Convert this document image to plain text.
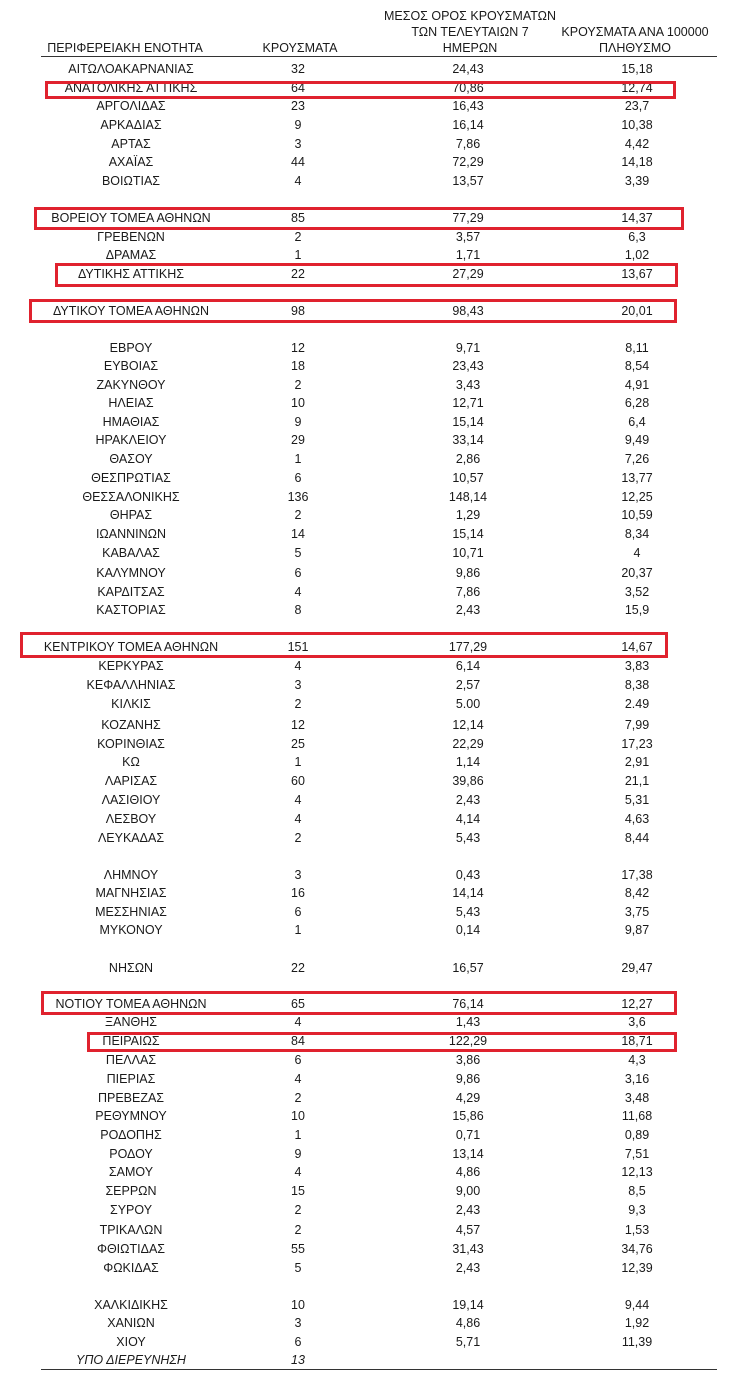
ΜΕΣΟΣ ΟΡΟΣ ΚΡΟΥΣΜΑΤΩΝ
ΤΩΝ ΤΕΛΕΥΤΑΙΩΝ 7
ΗΜΕΡΩΝ
ΚΡΟΥΣΜΑΤΑ ΑΝΑ 100000
ΠΛΗΘΥΣΜΟ
ΠΕΡΙΦΕΡΕΙΑΚΗ ΕΝΟΤΗΤΑ	ΚΡΟΥΣΜΑΤΑ
ΑΙΤΩΛΟΑΚΑΡΝΑΝΙΑΣ	32	24,43	15,18
ΑΝΑΤΟΛΙΚΗΣ ΑΤΤΙΚΗΣ	64	70,86	12,74
ΑΡΓΟΛΙΔΑΣ	23	16,43	23,7
ΑΡΚΑΔΙΑΣ	9	16,14	10,38
ΑΡΤΑΣ	3	7,86	4,42
ΑΧΑΪΑΣ	44	72,29	14,18
ΒΟΙΩΤΙΑΣ	4	13,57	3,39
ΒΟΡΕΙΟΥ ΤΟΜΕΑ ΑΘΗΝΩΝ	85	77,29	14,37
ΓΡΕΒΕΝΩΝ	2	3,57	6,3
ΔΡΑΜΑΣ	1	1,71	1,02
ΔΥΤΙΚΗΣ ΑΤΤΙΚΗΣ	22	27,29	13,67
ΔΥΤΙΚΟΥ ΤΟΜΕΑ ΑΘΗΝΩΝ	98	98,43	20,01
ΕΒΡΟΥ	12	9,71	8,11
ΕΥΒΟΙΑΣ	18	23,43	8,54
ΖΑΚΥΝΘΟΥ	2	3,43	4,91
ΗΛΕΙΑΣ	10	12,71	6,28
ΗΜΑΘΙΑΣ	9	15,14	6,4
ΗΡΑΚΛΕΙΟΥ	29	33,14	9,49
ΘΑΣΟΥ	1	2,86	7,26
ΘΕΣΠΡΩΤΙΑΣ	6	10,57	13,77
ΘΕΣΣΑΛΟΝΙΚΗΣ	136	148,14	12,25
ΘΗΡΑΣ	2	1,29	10,59
ΙΩΑΝΝΙΝΩΝ	14	15,14	8,34
ΚΑΒΑΛΑΣ	5	10,71	4
ΚΑΛΥΜΝΟΥ	6	9,86	20,37
ΚΑΡΔΙΤΣΑΣ	4	7,86	3,52
ΚΑΣΤΟΡΙΑΣ	8	2,43	15,9
ΚΕΝΤΡΙΚΟΥ ΤΟΜΕΑ ΑΘΗΝΩΝ	151	177,29	14,67
ΚΕΡΚΥΡΑΣ	4	6,14	3,83
ΚΕΦΑΛΛΗΝΙΑΣ	3	2,57	8,38
ΚΙΛΚΙΣ	2	5.00	2.49
ΚΟΖΑΝΗΣ	12	12,14	7,99
ΚΟΡΙΝΘΙΑΣ	25	22,29	17,23
ΚΩ	1	1,14	2,91
ΛΑΡΙΣΑΣ	60	39,86	21,1
ΛΑΣΙΘΙΟΥ	4	2,43	5,31
ΛΕΣΒΟΥ	4	4,14	4,63
ΛΕΥΚΑΔΑΣ	2	5,43	8,44
ΛΗΜΝΟΥ	3	0,43	17,38
ΜΑΓΝΗΣΙΑΣ	16	14,14	8,42
ΜΕΣΣΗΝΙΑΣ	6	5,43	3,75
ΜΥΚΟΝΟΥ	1	0,14	9,87
ΝΗΣΩΝ	22	16,57	29,47
ΝΟΤΙΟΥ ΤΟΜΕΑ ΑΘΗΝΩΝ	65	76,14	12,27
ΞΑΝΘΗΣ	4	1,43	3,6
ΠΕΙΡΑΙΩΣ	84	122,29	18,71
ΠΕΛΛΑΣ	6	3,86	4,3
ΠΙΕΡΙΑΣ	4	9,86	3,16
ΠΡΕΒΕΖΑΣ	2	4,29	3,48
ΡΕΘΥΜΝΟΥ	10	15,86	11,68
ΡΟΔΟΠΗΣ	1	0,71	0,89
ΡΟΔΟΥ	9	13,14	7,51
ΣΑΜΟΥ	4	4,86	12,13
ΣΕΡΡΩΝ	15	9,00	8,5
ΣΥΡΟΥ	2	2,43	9,3
ΤΡΙΚΑΛΩΝ	2	4,57	1,53
ΦΘΙΩΤΙΔΑΣ	55	31,43	34,76
ΦΩΚΙΔΑΣ	5	2,43	12,39
ΧΑΛΚΙΔΙΚΗΣ	10	19,14	9,44
ΧΑΝΙΩΝ	3	4,86	1,92
ΧΙΟΥ	6	5,71	11,39
ΥΠΟ ΔΙΕΡΕΥΝΗΣΗ	13
